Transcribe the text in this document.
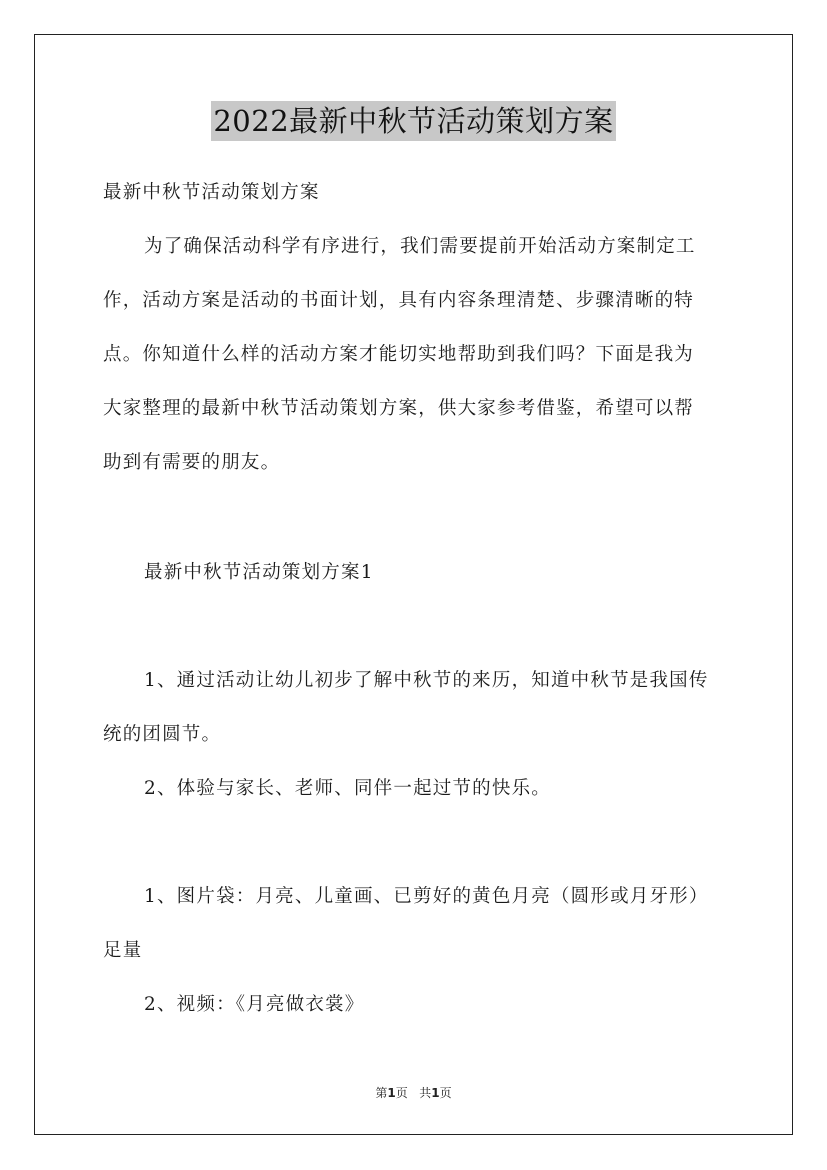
2022最新中秋节活动策划方案
最新中秋节活动策划方案
为了确保活动科学有序进行，我们需要提前开始活动方案制定工
作，活动方案是活动的书面计划，具有内容条理清楚、步骤清晰的特
点。你知道什么样的活动方案才能切实地帮助到我们吗？下面是我为
大家整理的最新中秋节活动策划方案，供大家参考借鉴，希望可以帮
助到有需要的朋友。
最新中秋节活动策划方案1
1、通过活动让幼儿初步了解中秋节的来历，知道中秋节是我国传
统的团圆节。
2、体验与家长、老师、同伴一起过节的快乐。
1、图片袋：月亮、儿童画、已剪好的黄色月亮（圆形或月牙形）
足量
2、视频：《月亮做衣裳》
第1页 共1页
